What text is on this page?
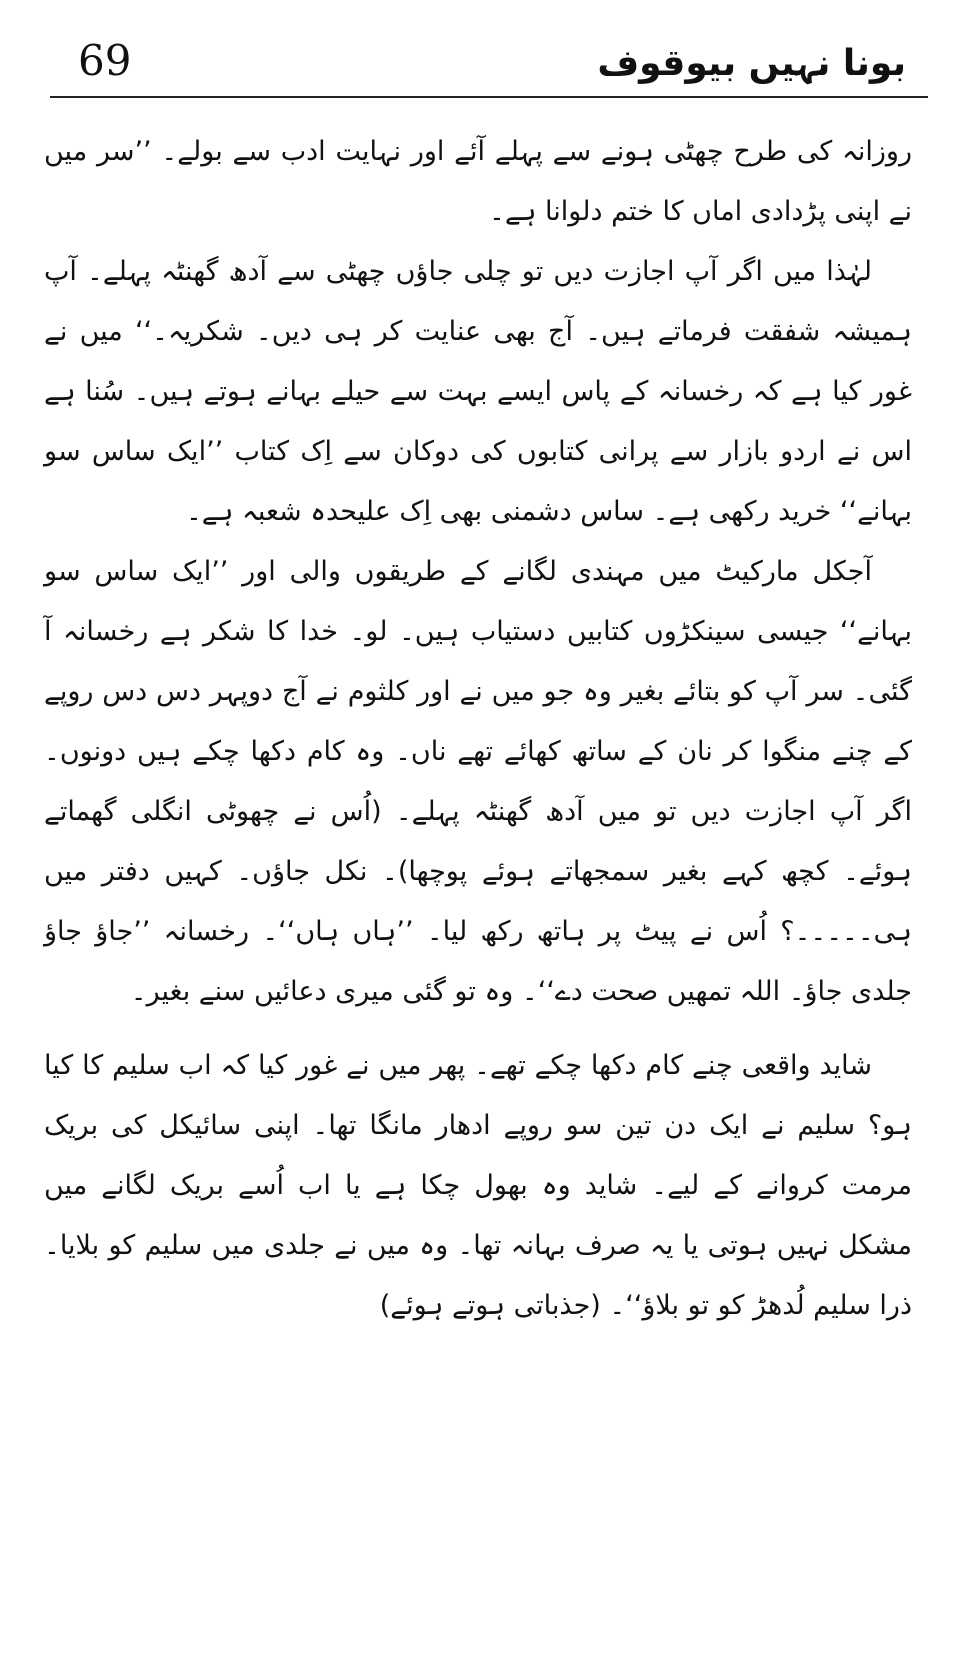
69	بونا نہیں بیوقوف

روزانہ کی طرح چھٹی ہونے سے پہلے آئے اور نہایت ادب سے بولے۔ ’’سر میں نے اپنی پڑدادی اماں کا ختم دلوانا ہے۔

لہٰذا میں اگر آپ اجازت دیں تو چلی جاؤں چھٹی سے آدھ گھنٹہ پہلے۔ آپ ہمیشہ شفقت فرماتے ہیں۔ آج بھی عنایت کر ہی دیں۔ شکریہ۔‘‘ میں نے غور کیا ہے کہ رخسانہ کے پاس ایسے بہت سے حیلے بہانے ہوتے ہیں۔ سُنا ہے اس نے اردو بازار سے پرانی کتابوں کی دوکان سے اِک کتاب ’’ایک ساس سو بہانے‘‘ خرید رکھی ہے۔ ساس دشمنی بھی اِک علیحدہ شعبہ ہے۔

آجکل مارکیٹ میں مہندی لگانے کے طریقوں والی اور ’’ایک ساس سو بہانے‘‘ جیسی سینکڑوں کتابیں دستیاب ہیں۔ لو۔ خدا کا شکر ہے رخسانہ آ گئی۔ سر آپ کو بتائے بغیر وہ جو میں نے اور کلثوم نے آج دوپہر دس دس روپے کے چنے منگوا کر نان کے ساتھ کھائے تھے ناں۔ وہ کام دکھا چکے ہیں دونوں۔ اگر آپ اجازت دیں تو میں آدھ گھنٹہ پہلے۔ (اُس نے چھوٹی انگلی گھماتے ہوئے۔ کچھ کہے بغیر سمجھاتے ہوئے پوچھا)۔ نکل جاؤں۔ کہیں دفتر میں ہی۔۔۔۔۔؟ اُس نے پیٹ پر ہاتھ رکھ لیا۔ ’’ہاں ہاں‘‘۔ رخسانہ ’’جاؤ جاؤ جلدی جاؤ۔ اللہ تمھیں صحت دے‘‘۔ وہ تو گئی میری دعائیں سنے بغیر۔

شاید واقعی چنے کام دکھا چکے تھے۔ پھر میں نے غور کیا کہ اب سلیم کا کیا ہو؟ سلیم نے ایک دن تین سو روپے ادھار مانگا تھا۔ اپنی سائیکل کی بریک مرمت کروانے کے لیے۔ شاید وہ بھول چکا ہے یا اب اُسے بریک لگانے میں مشکل نہیں ہوتی یا یہ صرف بہانہ تھا۔ وہ میں نے جلدی میں سلیم کو بلایا۔ ذرا سلیم لُدھڑ کو تو بلاؤ‘‘۔ (جذباتی ہوتے ہوئے)
